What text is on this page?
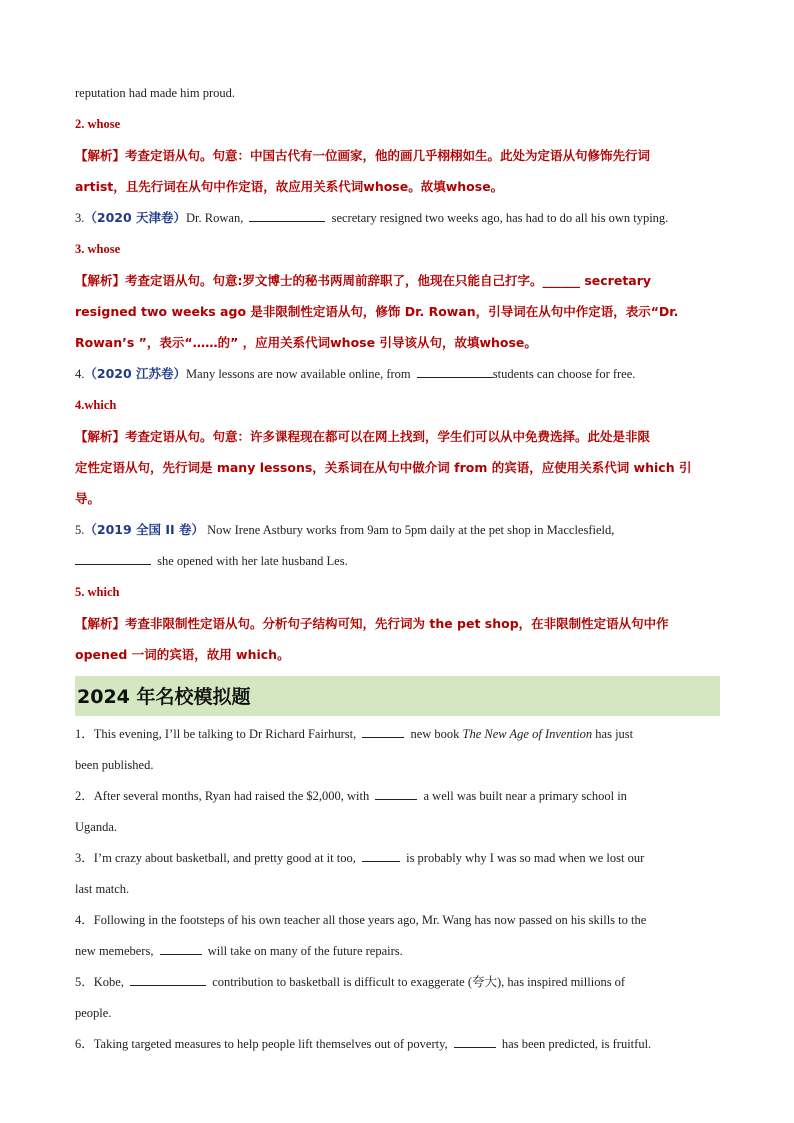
reputation had made him proud.
2. whose
【解析】考查定语从句。句意：中国古代有一位画家，他的画几乎栩栩如生。此处为定语从句修饰先行词
artist，且先行词在从句中作定语，故应用关系代词whose。故填whose。
3.（2020 天津卷）Dr. Rowan,	secretary resigned two weeks ago, has had to do all his own typing.
3. whose
【解析】考查定语从句。句意:罗文博士的秘书两周前辞职了，他现在只能自己打字。______ secretary
resigned two weeks ago 是非限制性定语从句，修饰 Dr. Rowan，引导词在从句中作定语，表示“Dr.
Rowan’s ”，表示“……的” ，应用关系代词whose 引导该从句，故填whose。
4.（2020 江苏卷）Many lessons are now available online, from	students can choose for free.
4.which
【解析】考查定语从句。句意：许多课程现在都可以在网上找到，学生们可以从中免费选择。此处是非限
定性定语从句，先行词是 many lessons，关系词在从句中做介词 from 的宾语，应使用关系代词 which 引
导。
5.（2019 全国 II 卷） Now Irene Astbury works from 9am to 5pm daily at the pet shop in Macclesfield,
she opened with her late husband Les.
5. which
【解析】考查非限制性定语从句。分析句子结构可知，先行词为 the pet shop，在非限制性定语从句中作
opened 一词的宾语，故用 which。
2024 年名校模拟题
1．This evening, I’ll be talking to Dr Richard Fairhurst,	new book The New Age of Invention has just
been published.
2．After several months, Ryan had raised the $2,000, with	a well was built near a primary school in
Uganda.
3．I’m crazy about basketball, and pretty good at it too,	is probably why I was so mad when we lost our
last match.
4．Following in the footsteps of his own teacher all those years ago, Mr. Wang has now passed on his skills to the
new memebers,	will take on many of the future repairs.
5．Kobe,	contribution to basketball is difficult to exaggerate (夸大), has inspired millions of
people.
6．Taking targeted measures to help people lift themselves out of poverty,	has been predicted, is fruitful.
